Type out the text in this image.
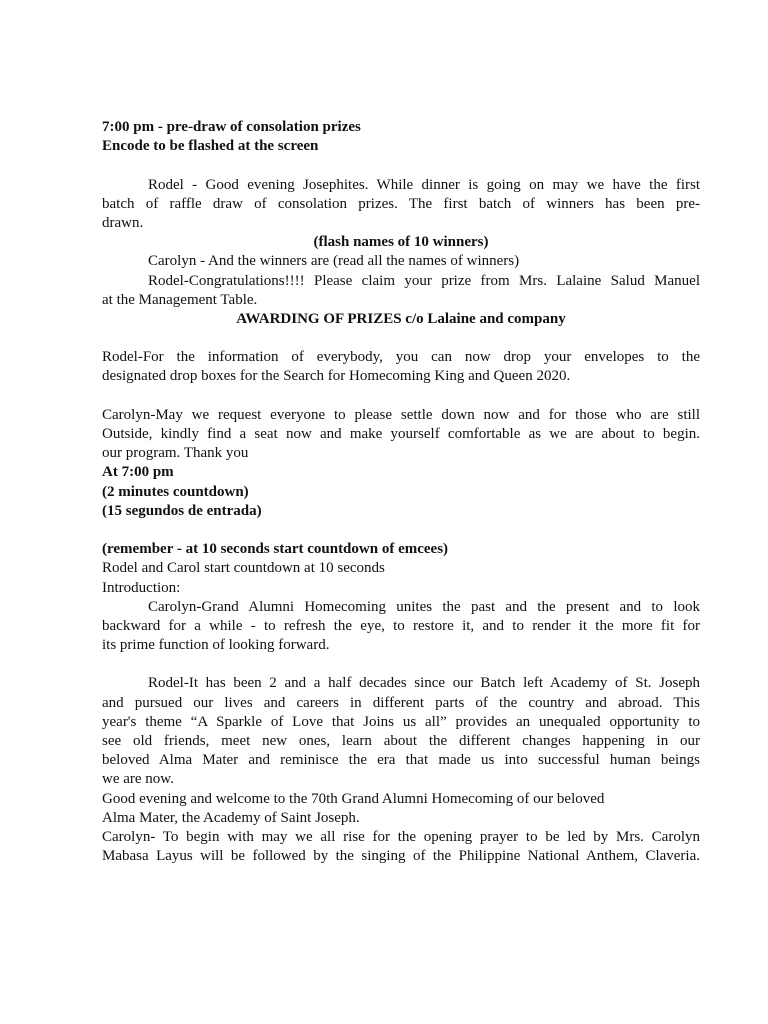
7:00 pm - pre-draw of consolation prizes
Encode to be flashed at the screen
Rodel - Good evening Josephites. While dinner is going on may we have the first
batch of raffle draw of consolation prizes. The first batch of winners has been pre-
drawn.
(flash names of 10 winners)
Carolyn - And the winners are (read all the names of winners)
Rodel-Congratulations!!!! Please claim your prize from Mrs. Lalaine Salud Manuel
at the Management Table.
AWARDING OF PRIZES c/o Lalaine and company
Rodel-For the information of everybody, you can now drop your envelopes to the
designated drop boxes for the Search for Homecoming King and Queen 2020.
Carolyn-May we request everyone to please settle down now and for those who are still
Outside, kindly find a seat now and make yourself comfortable as we are about to begin.
our program. Thank you
At 7:00 pm
(2 minutes countdown)
(15 segundos de entrada)
(remember - at 10 seconds start countdown of emcees)
Rodel and Carol start countdown at 10 seconds
Introduction:
Carolyn-Grand Alumni Homecoming unites the past and the present and to look
backward for a while - to refresh the eye, to restore it, and to render it the more fit for
its prime function of looking forward.
Rodel-It has been 2 and a half decades since our Batch left Academy of St. Joseph
and pursued our lives and careers in different parts of the country and abroad. This
year's theme “A Sparkle of Love that Joins us all” provides an unequaled opportunity to
see old friends, meet new ones, learn about the different changes happening in our
beloved Alma Mater and reminisce the era that made us into successful human beings
we are now.
Good evening and welcome to the 70th Grand Alumni Homecoming of our beloved
Alma Mater, the Academy of Saint Joseph.
Carolyn- To begin with may we all rise for the opening prayer to be led by Mrs. Carolyn
Mabasa Layus will be followed by the singing of the Philippine National Anthem, Claveria.
